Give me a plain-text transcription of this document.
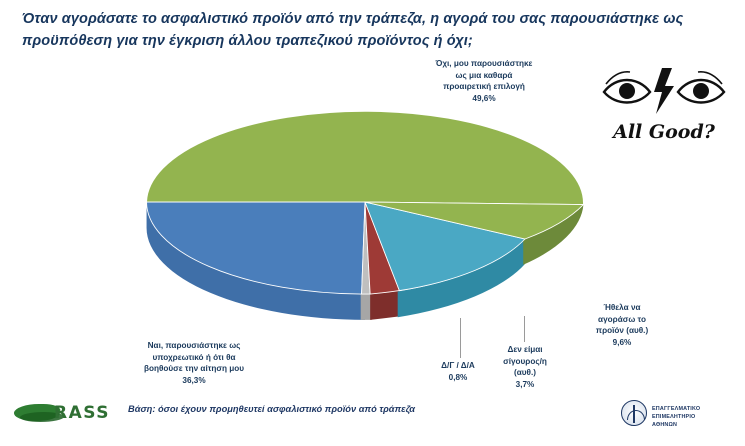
Όταν αγοράσατε το ασφαλιστικό προϊόν από την τράπεζα, η αγορά του σας παρουσιάστηκε ως προϋπόθεση για την έγκριση άλλου τραπεζικού προϊόντος ή όχι;
Όχι, μου παρουσιάστηκε
ως μια καθαρά
προαιρετική επιλογή
49,6%
Ναι, παρουσιάστηκε ως
υποχρεωτικό ή ότι θα
βοηθούσε την αίτηση μου
36,3%
Ήθελα να
αγοράσω το
προϊόν (αυθ.)
9,6%
Δεν είμαι
σίγουρος/η
(αυθ.)
3,7%
Δ/Γ / Δ/Α
0,8%
All Good?
Βάση: όσοι έχουν προμηθευτεί ασφαλιστικό προϊόν από τράπεζα
RASS	ΕΠΑΓΓΕΛΜΑΤΙΚΟ
ΕΠΙΜΕΛΗΤΗΡΙΟ
ΑΘΗΝΩΝ
